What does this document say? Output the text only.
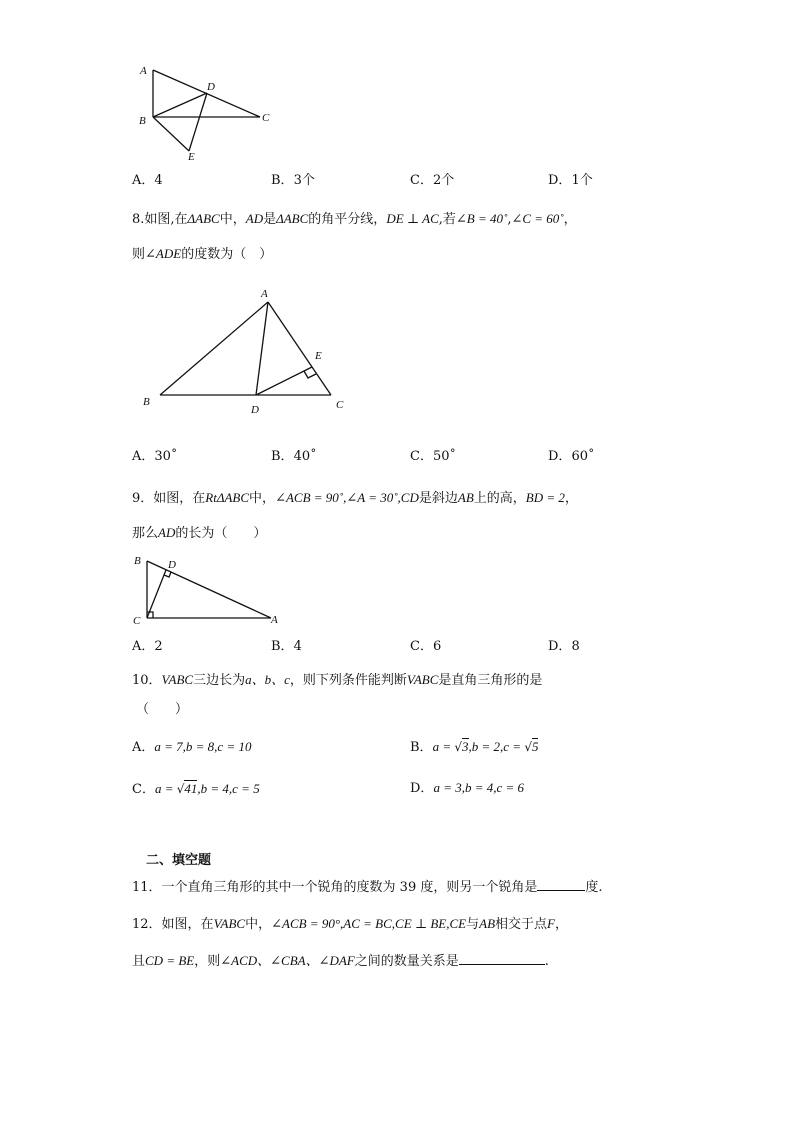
A
B	C
D
E
A．4	B．3个	C．2个	D．1个
8.如图,在ΔABC中，AD是ΔABC的角平分线，DE ⊥ AC,若∠B = 40˚,∠C = 60˚，
则∠ADE的度数为（　）
A
B	C
D
E
A．30˚	B．40˚	C．50˚	D．60˚
9．如图，在RtΔABC中，∠ACB = 90˚,∠A = 30˚,CD是斜边AB上的高，BD = 2，
那么AD的长为（　　）
B
C	A
D
A．2	B．4	C．6	D．8
10．VABC三边长为a、b、c，则下列条件能判断VABC是直角三角形的是
（　　）
A．a = 7,b = 8,c = 10	B．a = √3,b = 2,c = √5
C．a = √41,b = 4,c = 5	D．a = 3,b = 4,c = 6
二、填空题
11．一个直角三角形的其中一个锐角的度数为 39 度，则另一个锐角是	度.
12．如图，在VABC中，∠ACB = 90°,AC = BC,CE ⊥ BE,CE与AB相交于点F，
且CD = BE，则∠ACD、∠CBA、∠DAF之间的数量关系是	.
